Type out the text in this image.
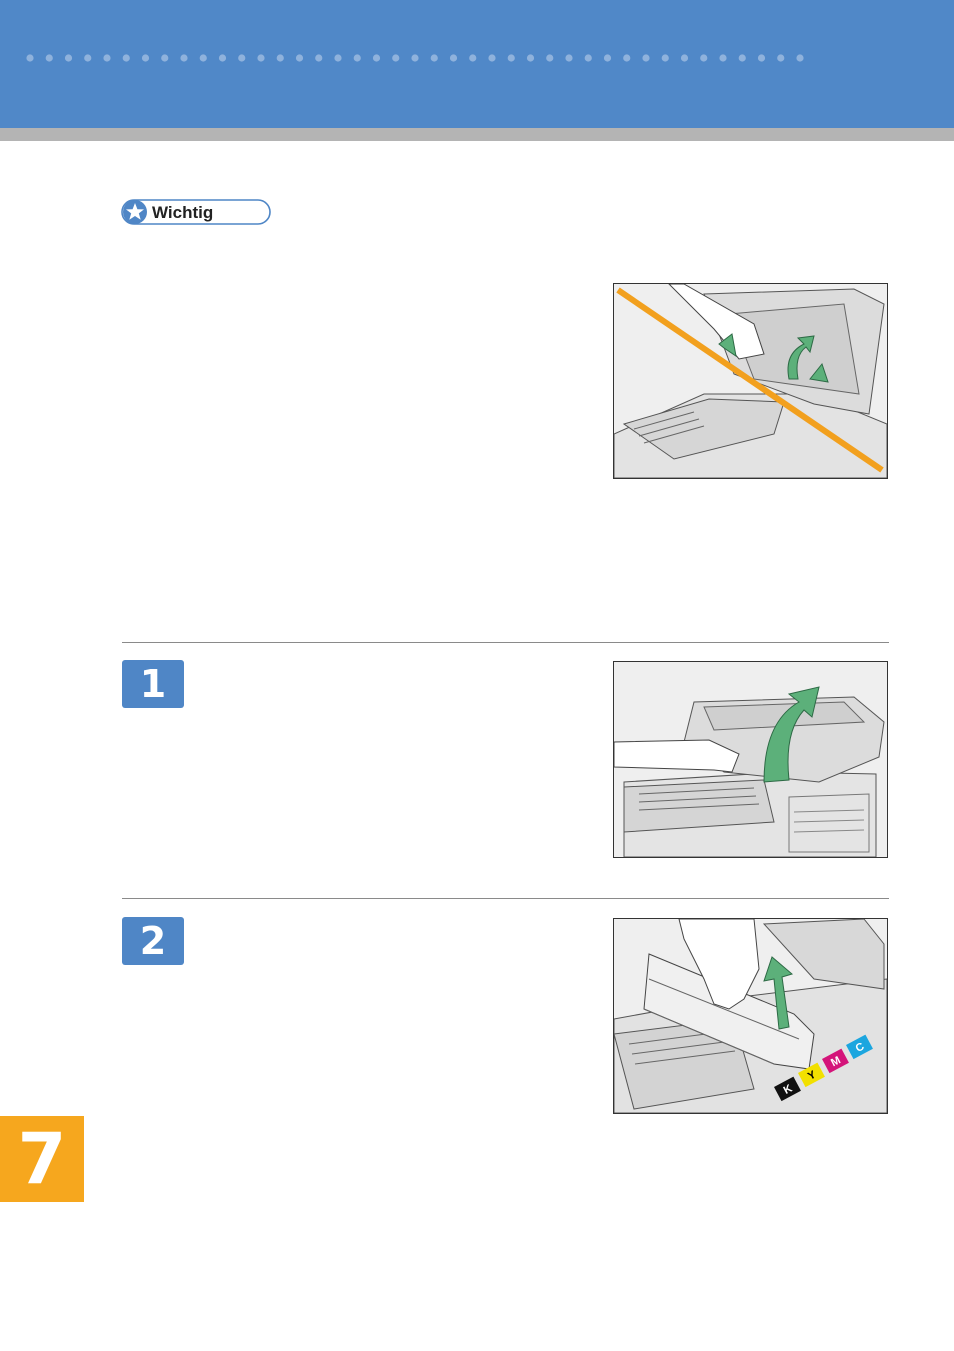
Wichtig
1
2
K
Y
M
C
7
